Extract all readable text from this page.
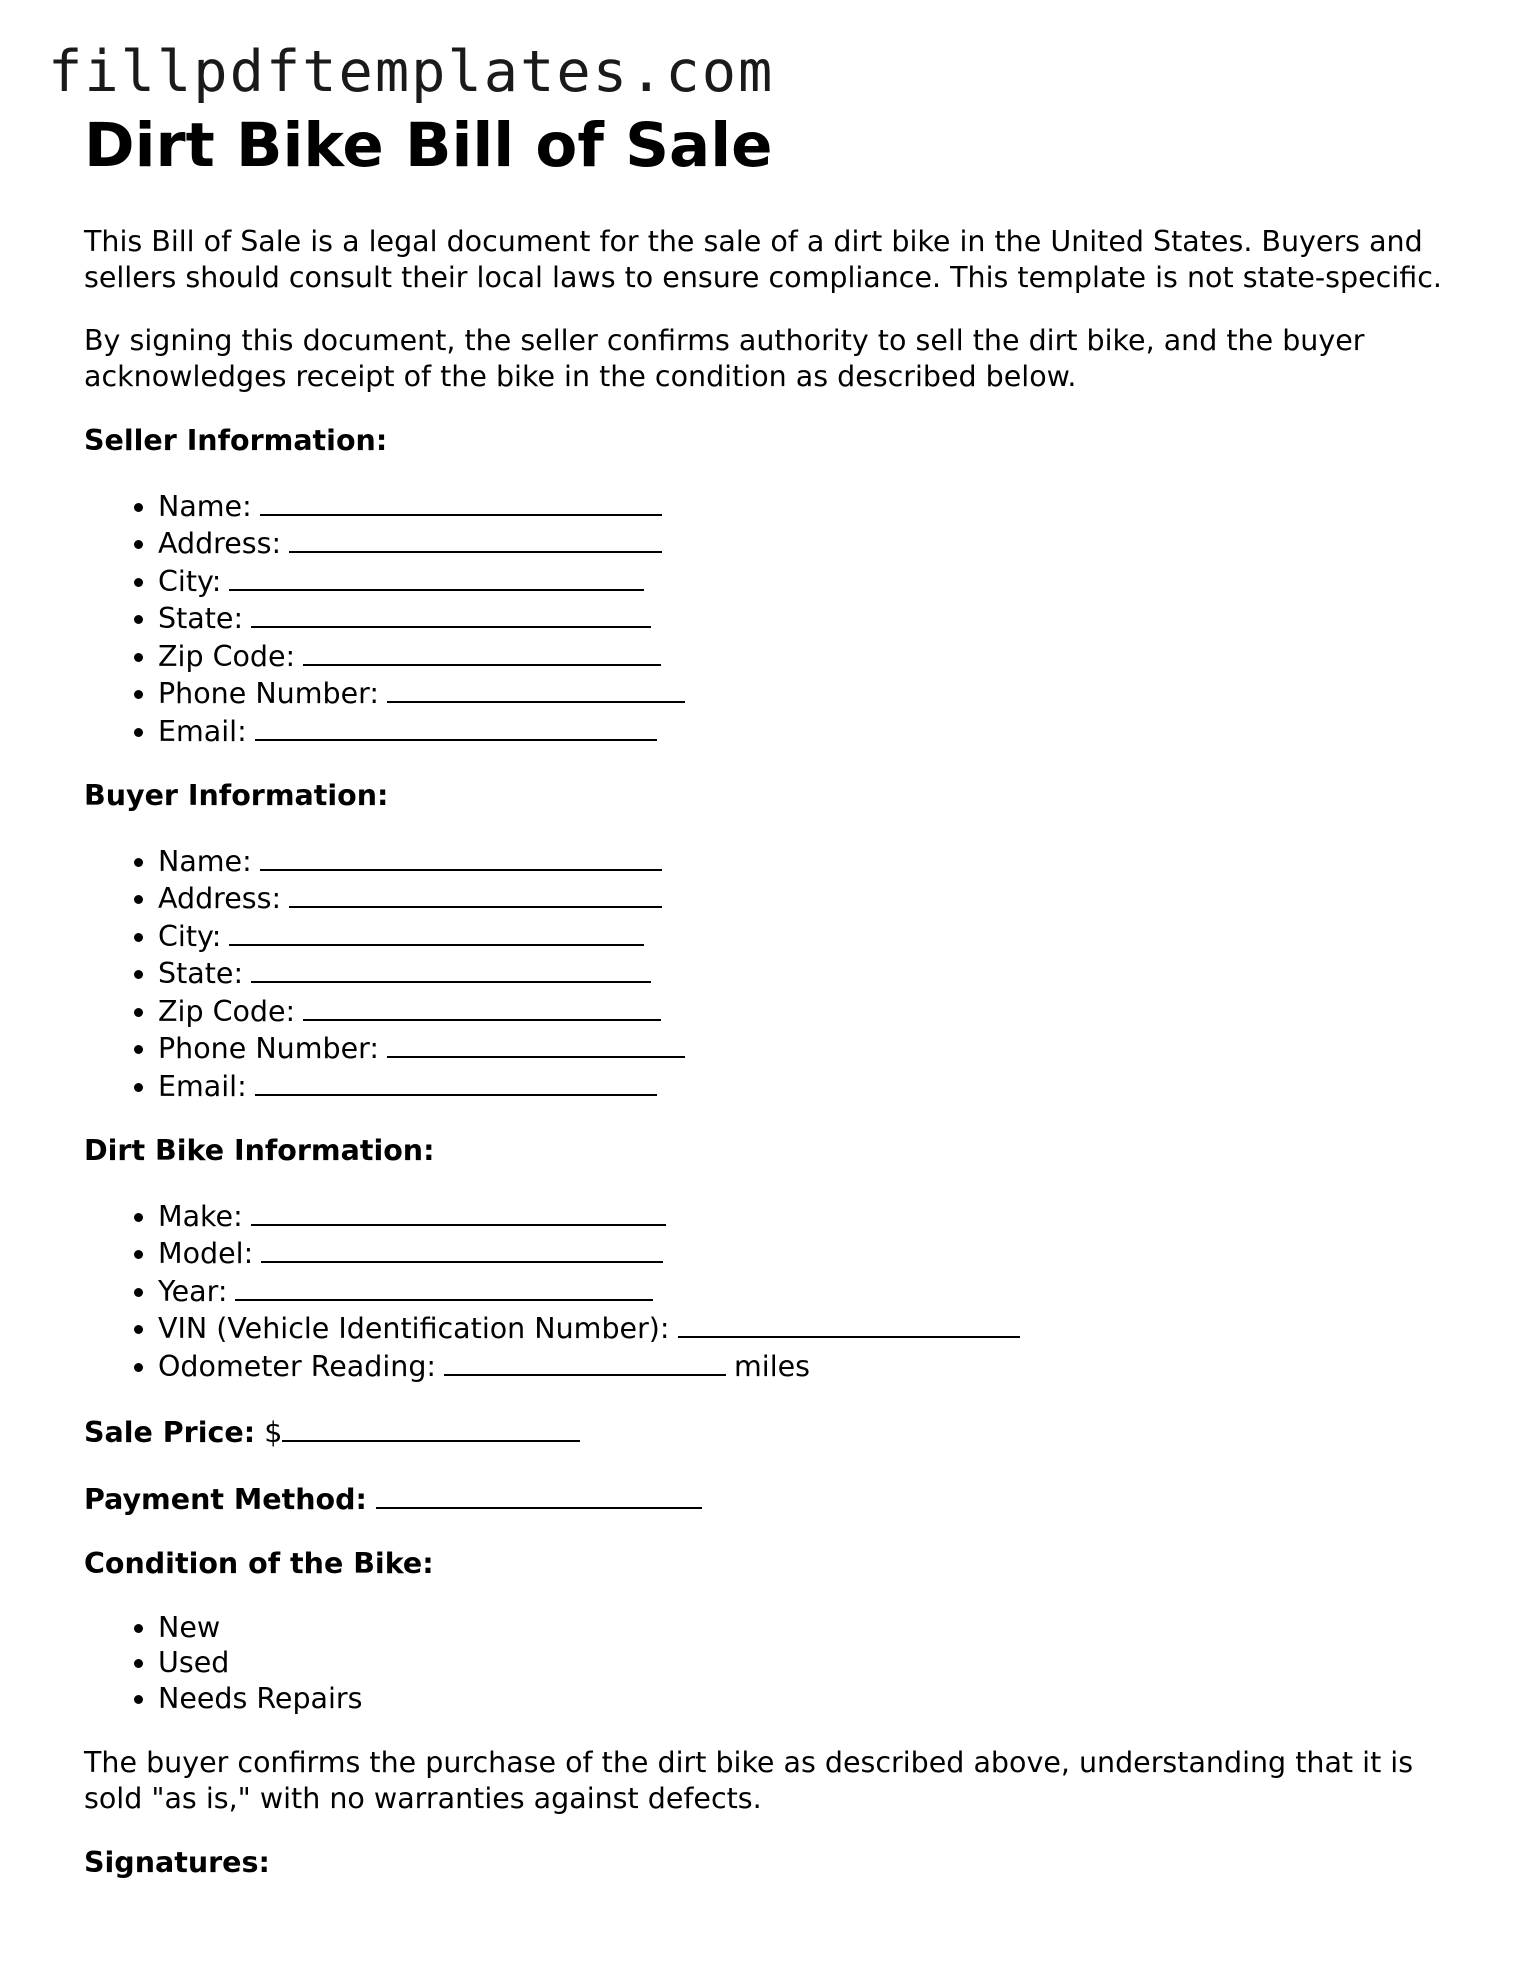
fillpdftemplates.com
Dirt Bike Bill of Sale

This Bill of Sale is a legal document for the sale of a dirt bike in the United States. Buyers and sellers should consult their local laws to ensure compliance. This template is not state-specific.

By signing this document, the seller confirms authority to sell the dirt bike, and the buyer acknowledges receipt of the bike in the condition as described below.

Seller Information:

• Name:
• Address:
• City:
• State:
• Zip Code:
• Phone Number:
• Email:

Buyer Information:

• Name:
• Address:
• City:
• State:
• Zip Code:
• Phone Number:
• Email:

Dirt Bike Information:

• Make:
• Model:
• Year:
• VIN (Vehicle Identification Number):
• Odometer Reading:	miles

Sale Price: $

Payment Method:

Condition of the Bike:

• New
• Used
• Needs Repairs

The buyer confirms the purchase of the dirt bike as described above, understanding that it is sold "as is," with no warranties against defects.

Signatures:
